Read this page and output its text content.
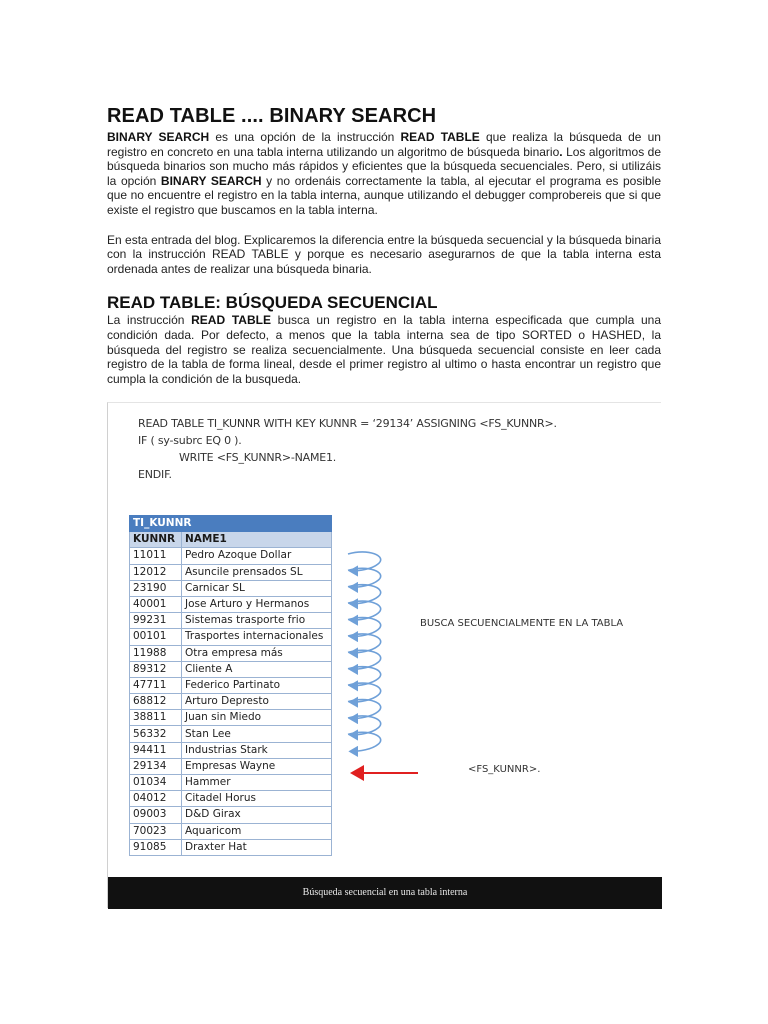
READ TABLE .... BINARY SEARCH

BINARY SEARCH es una opción de la instrucción READ TABLE que realiza la búsqueda de un registro en concreto en una tabla interna utilizando un algoritmo de búsqueda binario. Los algoritmos de búsqueda binarios son mucho más rápidos y eficientes que la búsqueda secuenciales. Pero, si utilizáis la opción BINARY SEARCH y no ordenáis correctamente la tabla, al ejecutar el programa es posible que no encuentre el registro en la tabla interna, aunque utilizando el debugger comprobereis que si que existe el registro que buscamos en la tabla interna.

En esta entrada del blog. Explicaremos la diferencia entre la búsqueda secuencial y la búsqueda binaria con la instrucción READ TABLE y porque es necesario asegurarnos de que la tabla interna esta ordenada antes de realizar una búsqueda binaria.

READ TABLE: BÚSQUEDA SECUENCIAL

La instrucción READ TABLE busca un registro en la tabla interna especificada que cumpla una condición dada. Por defecto, a menos que la tabla interna sea de tipo SORTED o HASHED, la búsqueda del registro se realiza secuencialmente. Una búsqueda secuencial consiste en leer cada registro de la tabla de forma lineal, desde el primer registro al ultimo o hasta encontrar un registro que cumpla la condición de la busqueda.

READ TABLE TI_KUNNR WITH KEY KUNNR = ‘29134’ ASSIGNING <FS_KUNNR>.
IF ( sy-subrc EQ 0 ).
WRITE <FS_KUNNR>-NAME1.
ENDIF.
TI_KUNNR	
KUNNR	NAME1
11011	Pedro Azoque Dollar
12012	Asuncile prensados SL
23190	Carnicar SL
40001	Jose Arturo y Hermanos
99231	Sistemas trasporte frio
00101	Trasportes internacionales
11988	Otra empresa más
89312	Cliente A
47711	Federico Partinato
68812	Arturo Depresto
38811	Juan sin Miedo
56332	Stan Lee
94411	Industrias Stark
29134	Empresas Wayne
01034	Hammer
04012	Citadel Horus
09003	D&D Girax
70023	Aquaricom
91085	Draxter Hat
BUSCA SECUENCIALMENTE EN LA TABLA
<FS_KUNNR>.
Búsqueda secuencial en una tabla interna
